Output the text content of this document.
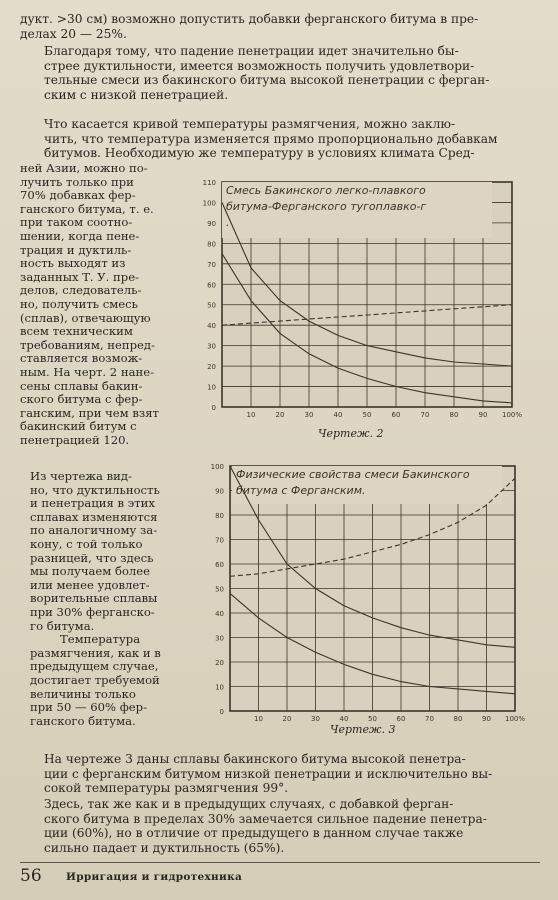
дукт. >30 см) возможно допустить добавки ферганского битума в пре-
делах 20 — 25%.

Благодаря тому, что падение пенетрации идет значительно бы-
стрее дуктильности, имеется возможность получить удовлетвори-
тельные смеси из бакинского битума высокой пенетрации с ферган-
ским с низкой пенетрацией.

Что касается кривой температуры размягчения, можно заклю-
чить, что температура изменяется прямо пропорционально добавкам
битумов. Необходимую же температуру в условиях климата Сред-

ней Азии, можно по-
лучить только при
70% добавках фер-
ганского битума, т. е.
при таком соотно-
шении, когда пене-
трация и дуктиль-
ность выходят из
заданных Т. У. пре-
делов, следователь-
но, получить смесь
(сплав), отвечающую
всем техническим
требованиям, непред-
ставляется возмож-
ным. На черт. 2 нане-
сены сплавы бакин-
ского битума с фер-
ганским, при чем взят
бакинский битум с
пенетрацией 120.
Из чертежа вид-
но, что дуктильность
и пенетрация в этих
сплавах изменяются
по аналогичному за-
кону, с той только
разницей, что здесь
мы получаем более
или менее удовлет-
ворительные сплавы
при 30% ферганско-
го битума.
Температура
размягчения, как и в
предыдущем случае,
достигает требуемой
величины только
при 50 — 60% фер-
ганского битума.
110
100
90
80
70
60
50
40
30
20
10
0
10	20	30	40	50	60	70	80	90 100%
Смесь Бакинского легко-плавкого
битума-Ферганского тугоплавко-г
.
Чертеж. 2
100
90
80
70
60
50
40
30
20
10
0
10	20	30	40	50	60	70	80	90 100%
Физические свойства смеси Бакинского
битума с Ферганским.
Чертеж. 3

На чертеже 3 даны сплавы бакинского битума высокой пенетра-
ции с ферганским битумом низкой пенетрации и исключительно вы-
сокой температуры размягчения 99°.

Здесь, так же как и в предыдущих случаях, с добавкой ферган-
ского битума в пределах 30% замечается сильное падение пенетра-
ции (60%), но в отличие от предыдущего в данном случае также
сильно падает и дуктильность (65%).

56 Ирригация и гидротехника
